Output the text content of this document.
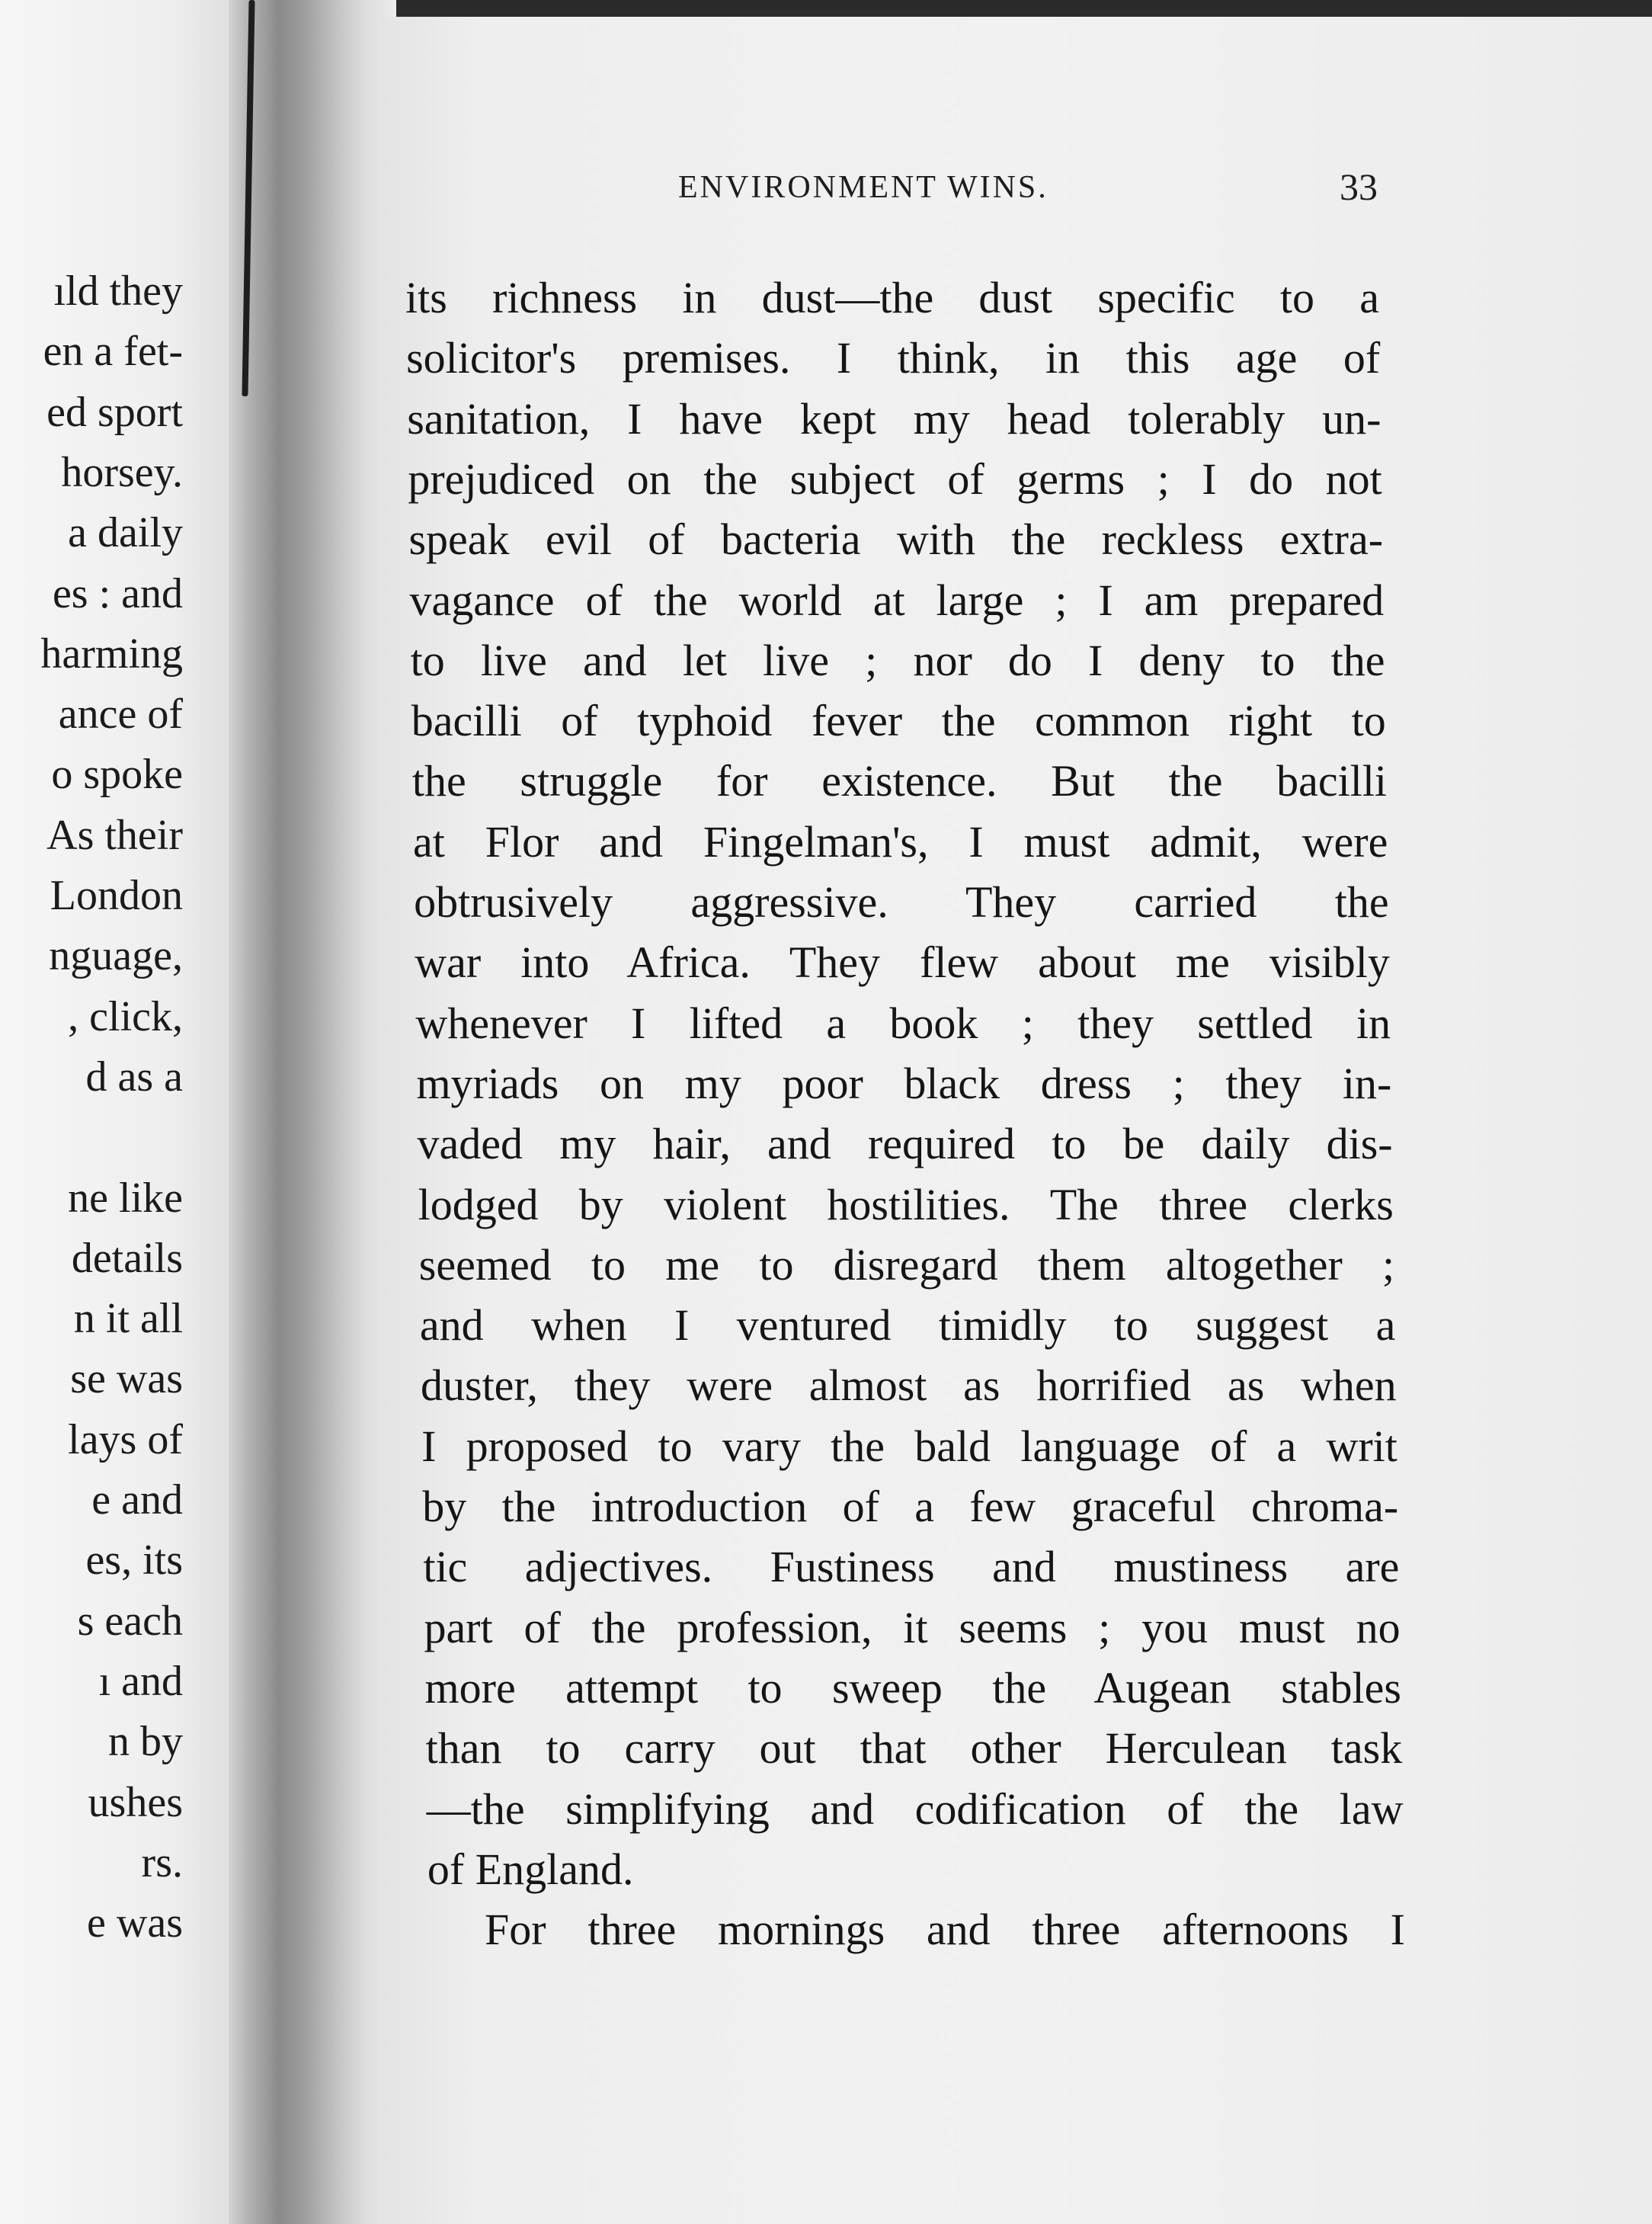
ıld they
en a fet-
ed sport
horsey.
a daily
es : and
harming
ance of
o spoke
As their
London
nguage,
, click,
d as a
ne like
details
n it all
se was
lays of
e and
es, its
s each
ı and
n by
ushes
rs.
e was
ENVIRONMENT WINS.	33
its richness in dust—the dust specific to a
solicitor's premises. I think, in this age of
sanitation, I have kept my head tolerably un-
prejudiced on the subject of germs ; I do not
speak evil of bacteria with the reckless extra-
vagance of the world at large ; I am prepared
to live and let live ; nor do I deny to the
bacilli of typhoid fever the common right to
the struggle for existence. But the bacilli
at Flor and Fingelman's, I must admit, were
obtrusively aggressive. They carried the
war into Africa. They flew about me visibly
whenever I lifted a book ; they settled in
myriads on my poor black dress ; they in-
vaded my hair, and required to be daily dis-
lodged by violent hostilities. The three clerks
seemed to me to disregard them altogether ;
and when I ventured timidly to suggest a
duster, they were almost as horrified as when
I proposed to vary the bald language of a writ
by the introduction of a few graceful chroma-
tic adjectives. Fustiness and mustiness are
part of the profession, it seems ; you must no
more attempt to sweep the Augean stables
than to carry out that other Herculean task
—the simplifying and codification of the law
of England.
For three mornings and three afternoons I
